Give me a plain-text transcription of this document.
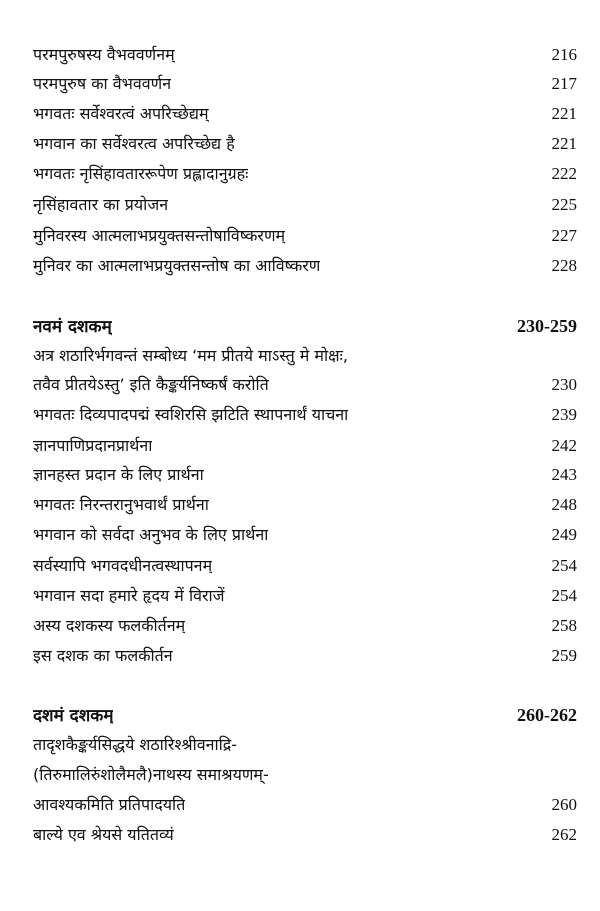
परमपुरुषस्य वैभववर्णनम्	216
परमपुरुष का वैभववर्णन	217
भगवतः सर्वेश्वरत्वं अपरिच्छेद्यम्	221
भगवान का सर्वेश्वरत्व अपरिच्छेद्य है	221
भगवतः नृसिंहावताररूपेण प्रह्लादानुग्रहः	222
नृसिंहावतार का प्रयोजन	225
मुनिवरस्य आत्मलाभप्रयुक्तसन्तोषाविष्करणम्	227
मुनिवर का आत्मलाभप्रयुक्तसन्तोष का आविष्करण	228
नवमं दशकम्	230-259
अत्र शठारिर्भगवन्तं सम्बोध्य ‘मम प्रीतये माऽस्तु मे मोक्षः,
तवैव प्रीतयेऽस्तु’ इति कैङ्कर्यनिष्कर्षं करोति	230
भगवतः दिव्यपादपद्मं स्वशिरसि झटिति स्थापनार्थं याचना	239
ज्ञानपाणिप्रदानप्रार्थना	242
ज्ञानहस्त प्रदान के लिए प्रार्थना	243
भगवतः निरन्तरानुभवार्थं प्रार्थना	248
भगवान को सर्वदा अनुभव के लिए प्रार्थना	249
सर्वस्यापि भगवदधीनत्वस्थापनम्	254
भगवान सदा हमारे हृदय में विराजें	254
अस्य दशकस्य फलकीर्तनम्	258
इस दशक का फलकीर्तन	259
दशमं दशकम्	260-262
तादृशकैङ्कर्यसिद्धये शठारिश्श्रीवनाद्रि-
(तिरुमालिरुंशोलैमलै)नाथस्य समाश्रयणम्-
आवश्यकमिति प्रतिपादयति	260
बाल्ये एव श्रेयसे यतितव्यं	262
